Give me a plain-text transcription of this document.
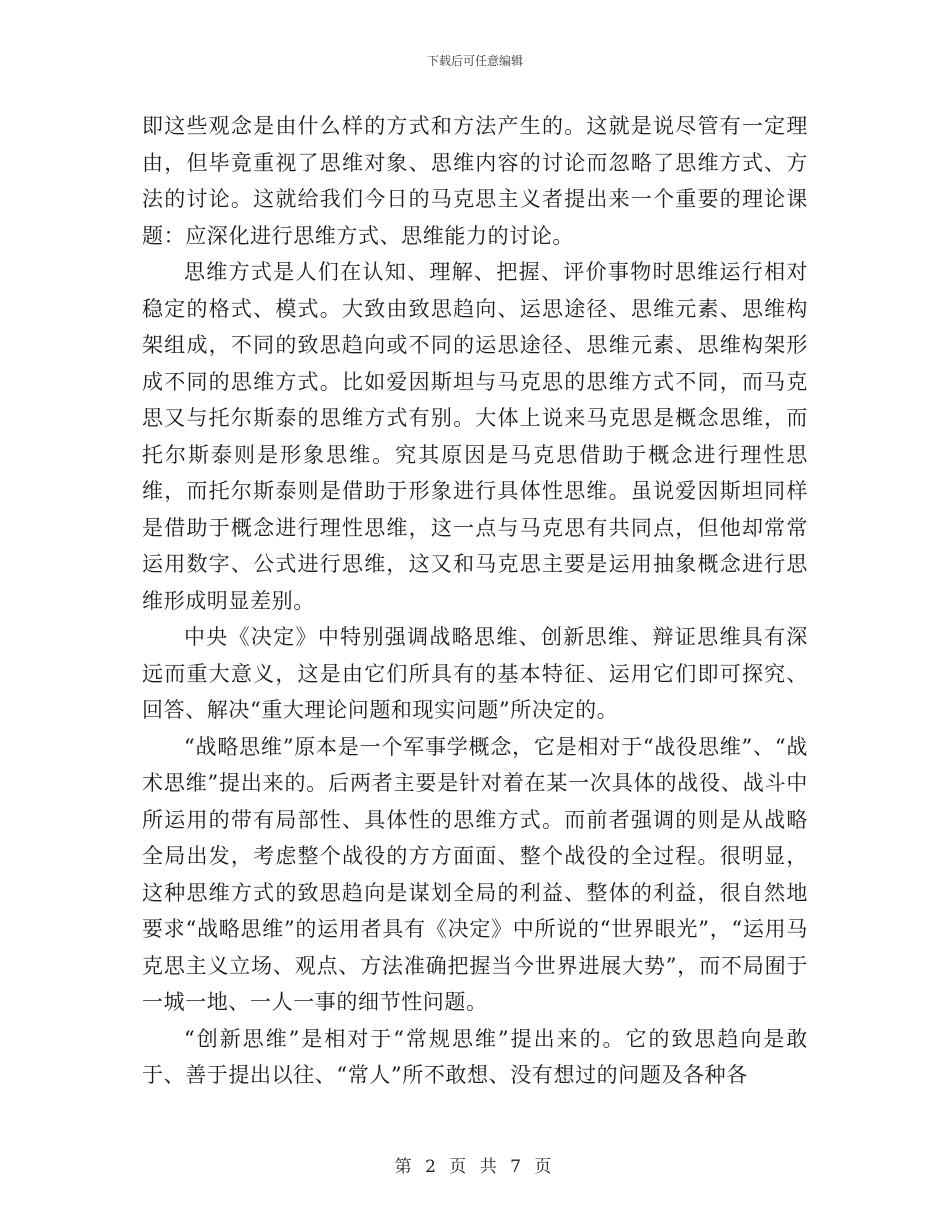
下载后可任意编辑

即这些观念是由什么样的方式和方法产生的。这就是说尽管有一定理由，但毕竟重视了思维对象、思维内容的讨论而忽略了思维方式、方法的讨论。这就给我们今日的马克思主义者提出来一个重要的理论课题：应深化进行思维方式、思维能力的讨论。

思维方式是人们在认知、理解、把握、评价事物时思维运行相对稳定的格式、模式。大致由致思趋向、运思途径、思维元素、思维构架组成，不同的致思趋向或不同的运思途径、思维元素、思维构架形成不同的思维方式。比如爱因斯坦与马克思的思维方式不同，而马克思又与托尔斯泰的思维方式有别。大体上说来马克思是概念思维，而托尔斯泰则是形象思维。究其原因是马克思借助于概念进行理性思维，而托尔斯泰则是借助于形象进行具体性思维。虽说爱因斯坦同样是借助于概念进行理性思维，这一点与马克思有共同点，但他却常常运用数字、公式进行思维，这又和马克思主要是运用抽象概念进行思维形成明显差别。

中央《决定》中特别强调战略思维、创新思维、辩证思维具有深远而重大意义，这是由它们所具有的基本特征、运用它们即可探究、回答、解决“重大理论问题和现实问题”所决定的。

“战略思维”原本是一个军事学概念，它是相对于“战役思维”、“战术思维”提出来的。后两者主要是针对着在某一次具体的战役、战斗中所运用的带有局部性、具体性的思维方式。而前者强调的则是从战略全局出发，考虑整个战役的方方面面、整个战役的全过程。很明显，这种思维方式的致思趋向是谋划全局的利益、整体的利益，很自然地要求“战略思维”的运用者具有《决定》中所说的“世界眼光”，“运用马克思主义立场、观点、方法准确把握当今世界进展大势”，而不局囿于一城一地、一人一事的细节性问题。

“创新思维”是相对于“常规思维”提出来的。它的致思趋向是敢于、善于提出以往、“常人”所不敢想、没有想过的问题及各种各

第 2 页 共 7 页
